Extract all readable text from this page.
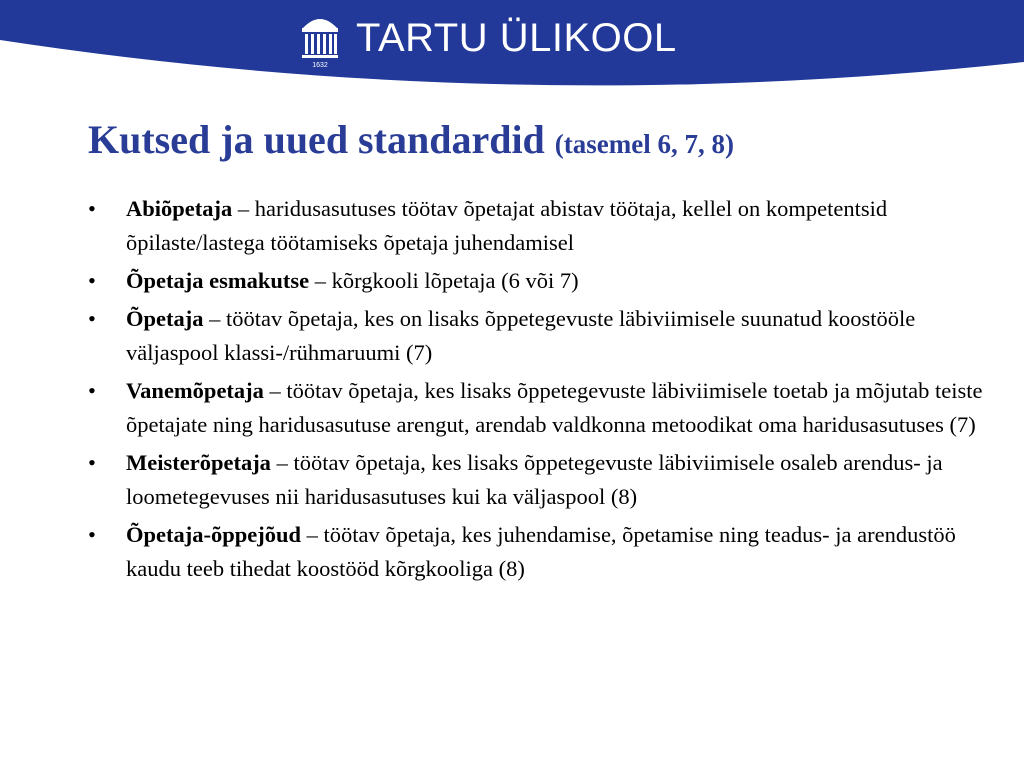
1632
TARTU ÜLIKOOL
Kutsed ja uued standardid (tasemel 6, 7, 8)
• Abiõpetaja – haridusasutuses töötav õpetajat abistav töötaja, kellel on kompetentsid õpilaste/lastega töötamiseks õpetaja juhendamisel
• Õpetaja esmakutse – kõrgkooli lõpetaja (6 või 7)
• Õpetaja – töötav õpetaja, kes on lisaks õppetegevuste läbiviimisele suunatud koostööle väljaspool klassi-/rühmaruumi (7)
• Vanemõpetaja – töötav õpetaja, kes lisaks õppetegevuste läbiviimisele toetab ja mõjutab teiste õpetajate ning haridusasutuse arengut, arendab valdkonna metoodikat oma haridusasutuses (7)
• Meisterõpetaja – töötav õpetaja, kes lisaks õppetegevuste läbiviimisele osaleb arendus- ja loometegevuses nii haridusasutuses kui ka väljaspool (8)
• Õpetaja-õppejõud – töötav õpetaja, kes juhendamise, õpetamise ning teadus- ja arendustöö kaudu teeb tihedat koostööd kõrgkooliga (8)
